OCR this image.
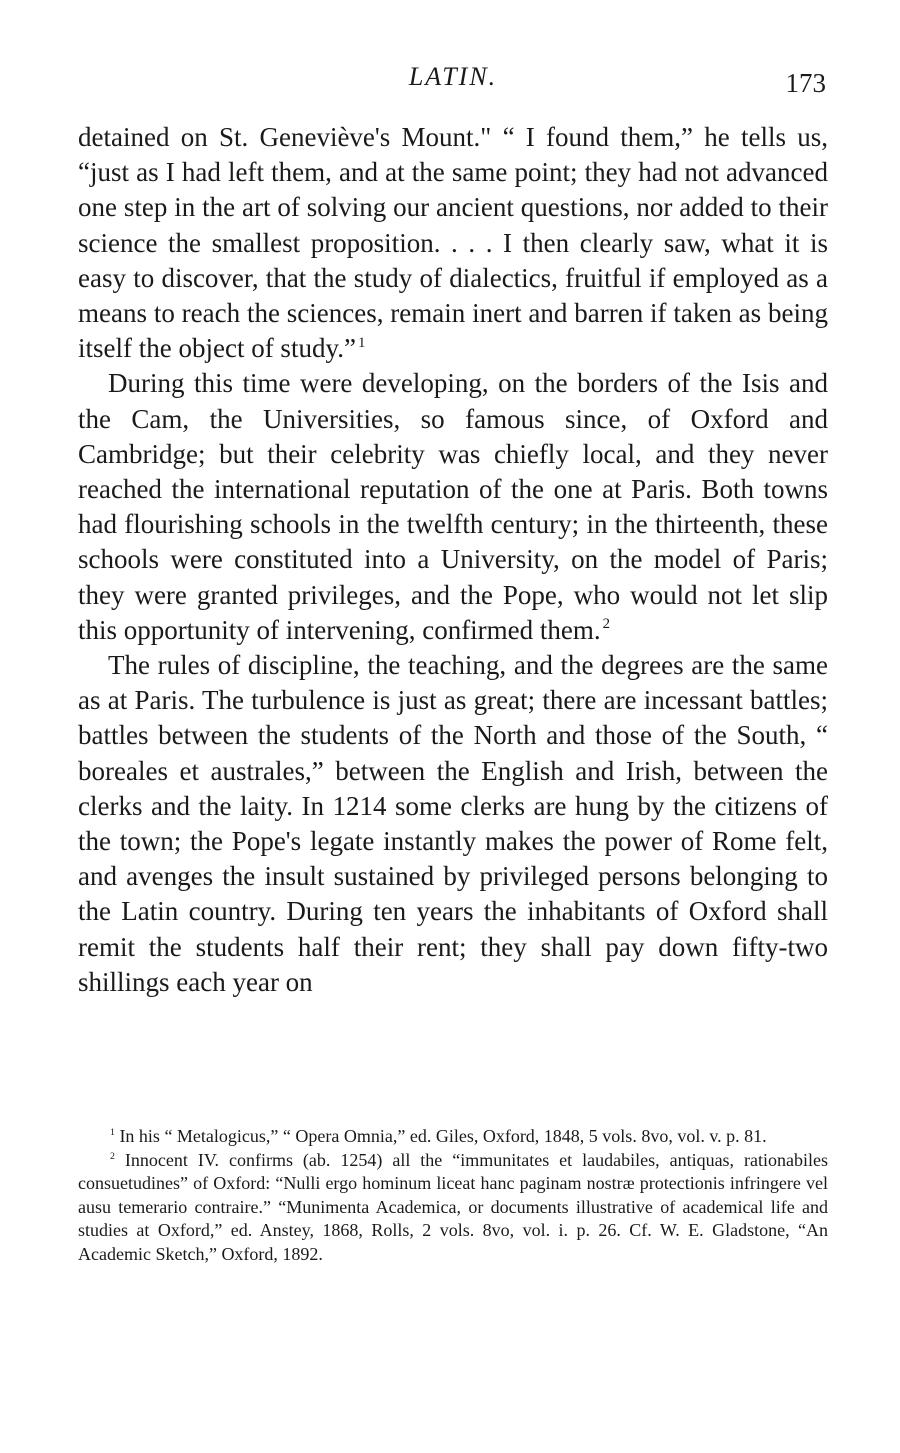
LATIN.	173

detained on St. Geneviève's Mount." “ I found them,” he tells us, “just as I had left them, and at the same point; they had not advanced one step in the art of solving our ancient questions, nor added to their science the smallest proposition. . . . I then clearly saw, what it is easy to discover, that the study of dialectics, fruitful if employed as a means to reach the sciences, remain inert and barren if taken as being itself the object of study.” $^1$

During this time were developing, on the borders of the Isis and the Cam, the Universities, so famous since, of Oxford and Cambridge; but their celebrity was chiefly local, and they never reached the international reputation of the one at Paris. Both towns had flourishing schools in the twelfth century; in the thirteenth, these schools were constituted into a University, on the model of Paris; they were granted privileges, and the Pope, who would not let slip this opportunity of intervening, confirmed them. $^2$

The rules of discipline, the teaching, and the degrees are the same as at Paris. The turbulence is just as great; there are incessant battles; battles between the students of the North and those of the South, “ boreales et australes,” between the English and Irish, between the clerks and the laity. In 1214 some clerks are hung by the citizens of the town; the Pope's legate instantly makes the power of Rome felt, and avenges the insult sustained by privileged persons belonging to the Latin country. During ten years the inhabitants of Oxford shall remit the students half their rent; they shall pay down fifty-two shillings each year on

$^1$ In his “ Metalogicus,” “ Opera Omnia,” ed. Giles, Oxford, 1848, 5 vols. 8vo, vol. v. p. 81.

$^2$ Innocent IV. confirms (ab. 1254) all the “immunitates et laudabiles, antiquas, rationabiles consuetudines” of Oxford: “Nulli ergo hominum liceat hanc paginam nostræ protectionis infringere vel ausu temerario contraire.” “Munimenta Academica, or documents illustrative of academical life and studies at Oxford,” ed. Anstey, 1868, Rolls, 2 vols. 8vo, vol. i. p. 26. Cf. W. E. Gladstone, “An Academic Sketch,” Oxford, 1892.
